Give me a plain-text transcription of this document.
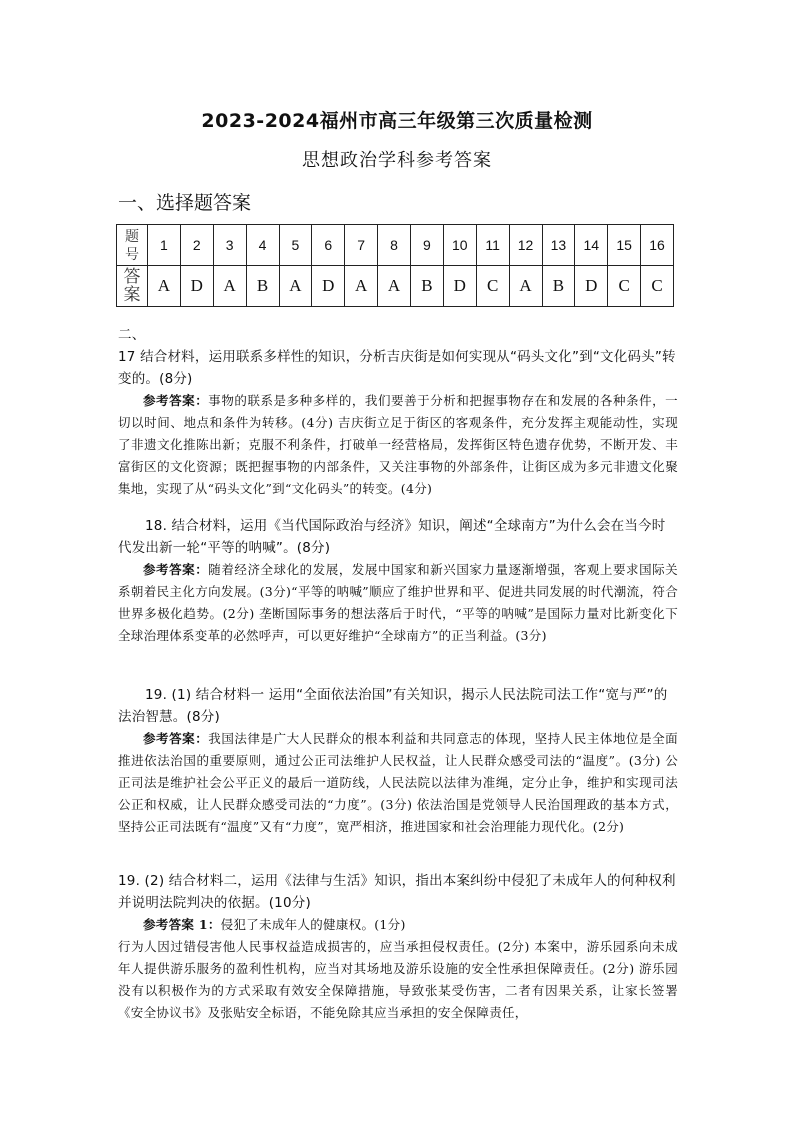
2023-2024福州市高三年级第三次质量检测
思想政治学科参考答案
一、选择题答案
题
号	1	2	3	4	5	6	7	8	9	10	11	12	13	14	15	16
答
案	A	D	A	B	A	D	A	A	B	D	C	A	B	D	C	C
二、

17 结合材料，运用联系多样性的知识，分析吉庆街是如何实现从“码头文化”到“文化码头”转变的。(8分)

参考答案：事物的联系是多种多样的，我们要善于分析和把握事物存在和发展的各种条件，一切以时间、地点和条件为转移。(4分) 吉庆街立足于街区的客观条件，充分发挥主观能动性，实现了非遗文化推陈出新；克服不利条件，打破单一经营格局，发挥街区特色遗存优势，不断开发、丰富街区的文化资源；既把握事物的内部条件，又关注事物的外部条件，让街区成为多元非遗文化聚集地，实现了从“码头文化”到“文化码头”的转变。(4分)

18. 结合材料，运用《当代国际政治与经济》知识，阐述“全球南方”为什么会在当今时代发出新一轮“平等的呐喊”。(8分)

参考答案：随着经济全球化的发展，发展中国家和新兴国家力量逐渐增强，客观上要求国际关系朝着民主化方向发展。(3分)“平等的呐喊”顺应了维护世界和平、促进共同发展的时代潮流，符合世界多极化趋势。(2分) 垄断国际事务的想法落后于时代，“平等的呐喊”是国际力量对比新变化下全球治理体系变革的必然呼声，可以更好维护“全球南方”的正当利益。(3分)

19. (1) 结合材料一 运用“全面依法治国”有关知识，揭示人民法院司法工作“宽与严”的法治智慧。(8分)

参考答案：我国法律是广大人民群众的根本利益和共同意志的体现，坚持人民主体地位是全面推进依法治国的重要原则，通过公正司法维护人民权益，让人民群众感受司法的“温度”。(3分) 公正司法是维护社会公平正义的最后一道防线，人民法院以法律为准绳，定分止争，维护和实现司法公正和权威，让人民群众感受司法的“力度”。(3分) 依法治国是党领导人民治国理政的基本方式，坚持公正司法既有“温度”又有“力度”，宽严相济，推进国家和社会治理能力现代化。(2分)

19. (2) 结合材料二，运用《法律与生活》知识，指出本案纠纷中侵犯了未成年人的何种权利并说明法院判决的依据。(10分)

参考答案 1：侵犯了未成年人的健康权。(1分)

行为人因过错侵害他人民事权益造成损害的，应当承担侵权责任。(2分) 本案中，游乐园系向未成年人提供游乐服务的盈利性机构，应当对其场地及游乐设施的安全性承担保障责任。(2分) 游乐园没有以积极作为的方式采取有效安全保障措施，导致张某受伤害，二者有因果关系，让家长签署《安全协议书》及张贴安全标语，不能免除其应当承担的安全保障责任，
